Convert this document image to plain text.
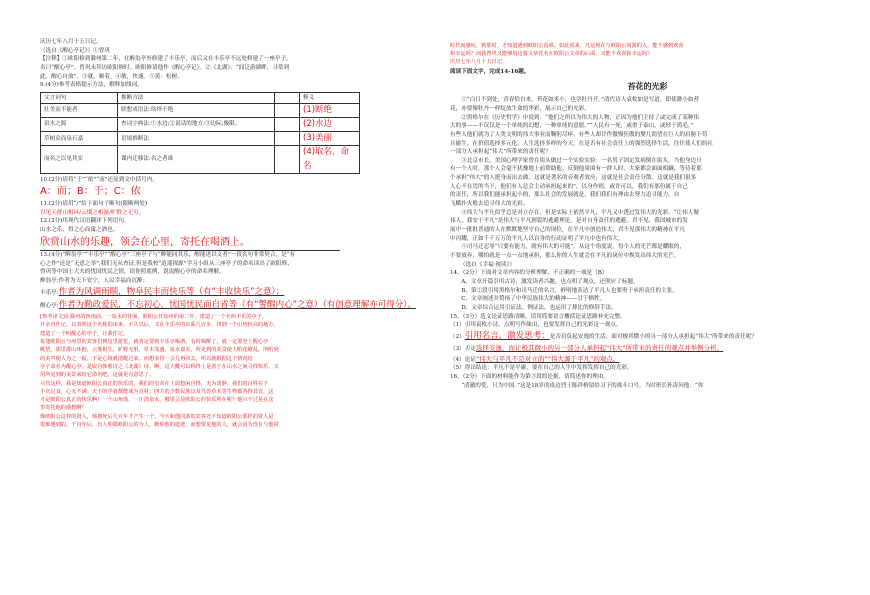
庆历七年八月十五日记。
（选自《醒心亭记》）①曾巩
【注释】①欧阳修到滁州第二年，在醉翁亭外修建了丰乐亭，而后又在丰乐亭不远处修建了一座亭子，
名曰“醒心亭”。曾巩未拜访欧阳修时。欧阳修请他作《醒心亭记》。②《北湖》：“间泛游湖畔，寻常到
此，醒心自放”。③就，顺着。④敏，快速。⑤黄：松树。
9.(4分)参考表格提示方法，解释加线词。
文言词句	推断方法		释义
壮美而不能者	联想成语法:络绎不绝		(1)断绝
泉水之源	查词字典法:①水边;②说话的地方;③边际;极限。		(2)水边
草树众而泉石嘉	语境推断法		(3)美丽
而名之以见其实	课内迁移法:名之者谁		(4)取名，命名
10.(2分)请将“于”“依”“而”还原到文中括号内。
A：而；B：于；C：依
11.(2分)请用“/”给下面句子断句(限断两处)
以见天群山相环/云烟之相滋/旷野之无穷。
12.(2分)用现代汉语翻译下列语句。
山水之乐，得之心而寓之酒也。
欣赏山水的乐趣，领会在心里，寄托在喝酒上。
13.(4分)“醉翁亭”“丰乐亭”“醒心亭”三座亭子与“醉能同其乐，醒能述以文者”一段名句非常契合，是“有
心之作”还是“无意之举”,我们无从查证,但是我校“逍遥探源”学习小组从三座亭子的命名读出了欧阳修、
曾巩等中国士大夫的忧国忧民之情，请你照底例，说说醒心亭的命名理解。
醉翁亭:作者为天下安宁，人民幸福而沉醉；
丰乐亭:作者为风调雨顺，物阜民丰而快乐等（有“丰收快乐”之意）；
醒心亭:作者为勤政爱民，不忘初心，忧国忧民而自省等（有“警醒内心”之意）（有创意理解亦可得分）。
[参考译文]在滁州的西南面，一泉水的背面，欧阳公任知州的第二年，建造了一个名叫丰乐的亭子，
并亲自作记，以表明这个名称的由来。不久以后，又在丰乐亭的东面几百步，找到一个山势较高的地方，
建造了一个叫醒心的亭子，让我作记。
每逢欧阳公与州里的宾客们到这里游览，就肯定要到丰乐亭喝酒。有时喝醉了，就一定要登上醒心亭
眺望。那里群山环抱，云雾相生，旷野无垠，草木茂盛，泉水嘉美，所见到的美景使人眼花缭乱，所听到
的美声使人为之一振。于是心境就清醒过来，而想多待一会儿再回去。所以就根据这个情况给
亭子命名为醒心亭，是取自韩愈诗之《北湖》诗。啊，这大概可以称得上是善于在山水之间寻找快乐，又
用所见到的美景来给它命名吧。这就更有意思了。
尽管这样，我是知道欧阳公真正的快乐的。我们的皇帝在上面悠闲自得，无为清静；我们的百姓在下
丰衣足食，心无不满；天下的学者都能成为良材；四方的少数民族以及鸟兽草木等生物都各得其宜，这
才是欧阳公真正的快乐啊！一个山角落，一汪清泉水，哪里会是欧阳公的快乐所在呢？他只不过是在这
里寄托他的感想啊！
像欧阳公这样的贤人，韩愈死后几百年才产生一个。今天和他同游的宾客还不知道欧阳公那样的贤人是
很难遇到的。千百年后，有人仰慕欧阳公的为人，瞻仰他的遗迹，而想要见他的人，就会因为没有与他同
时代而感叹，到那时，才知道遇到欧阳公真难。如此说来，凡是现在与欧阳公同游的人，能不感到欢喜
和幸运吗？而我曾巩又能够用这篇文章托名在欧阳公文章的后面，又能不欢喜和幸运吗？
庆历七年八月十五日记。
阅读下面文字，完成14-16题。
苔花的光彩
①“白日不到处，青春恰自来。苔花如米小，也学牡丹开。”清代诗人袁枚如是写道。即使渺小如苔
花，亦要像牡丹一样绽放生命的华彩，展示自己的光彩。
②黑格尔在《历史哲学》中说到：“他们之所以为伟大的人物，正因为他们主持了或完成了某种伟
大的事——不仅仅是一个单纯的幻想，一种单纯的意愿。”“人民有一死，或重于泰山，或轻于鸿毛。”
有些人他们就为了人类文明的伟大事业而鞠躬尽瘁，有些人却甘作傲慢狂傲的婴儿渴望在巨人的肩膀下苟
且偷生。在价值选择多元化，人生选择多样的今天，在是否有社会责任上的强烈选择生活，往往使人们的社
一部分人承担起“伟大”所带来的责任呢？
③北京市长，美国心理学家曾在街头做过一个实验实验：一名男子固定发病倒在街头，当他身边只
有一个人时，那个人会毫不犹豫地上前帮助他。反倒他周围有一群人时，大家都会面面相觑，等待着那
个承担“伟大”的人挺身而出去做。这就是著名的旁观者效应，这就是社会责任分散。这就是我们很多
人心不在焉的当下，他们有人总会主动承担起来的”，以身作则，或许可以，我们有那份属于自己
的责任，所以我们能承担起小的，那么社会的发展就是，我们我们有理由去努力追寻能力。自
飞蛾扑火般去追寻伟大的光彩。
④伟大与平凡似乎总是对立存在，但是实际上依然平凡，平凡又中透过发伟大的光彩。“让伟人做
伟人，我安于平凡”是伟大与平凡割裂的逃避理论，是对自身责任的逃避。君不见，我国城市的发
展中一批批普通的人在默默地坚守自己的岗位，在平凡中创造伟大；君不见那伟大的精神在平凡
中闪耀，正如千千万万的平凡人以自身的行动证明了平凡中也有伟大。
⑤司马迁忍辱“只要有能力，就有伟大的可能”。从这个角度说，每个人的光芒都是耀眼的，
不要放弃，哪怕就是一点一点地承担，那么你的人生就会在平凡的岗位中焕发出伟大的光芒。
（选自《幸福·视读》）
14、（2分）下面对文章内容的分析理解，不正确的一项是（B）
A、文章开篇引用古诗，激发读者兴趣，也点明了观点，还照应了标题。
B、第②段引用黑格尔和司马迁的名言，鲜明地表达了平凡人也要勇于承担责任的主张。
C、文章阐述并赞扬了中华民族伟大的精神——甘于牺牲。
D、文章综合运用引证法、例证法，也运用了排比的修辞手法。
15、（3分）选文论证思路清晰，请用简要语言概括论证思路补充完整。
（1）引用袁枚小诗，点明写作缘由，也要发挥自己的光彩这一观点。
（2）引用名言，激发思考：是否肩负起安逸的生活，面对极其微小的另一部分人承担起“伟大”所带来的责任呢？
（3）否定选择安逸，而让极其微小的另一部分人承担起“伟大”所带来的责任的观点并举例分析。
（4）论证“伟大与平凡不是对立的”“伟大源于平凡”的观点。
（5）得出结论：平凡不是平庸，要在自己的人生中发挥发挥自己的光彩。
16、（2分）下面的材料能作为第③段的论据，请简述你的理由。
“清澈的爱，只为中国。”这是18岁的戍边烈士陈祥榕留给习下的战斗口号。当时班长孙涛问他：“你
